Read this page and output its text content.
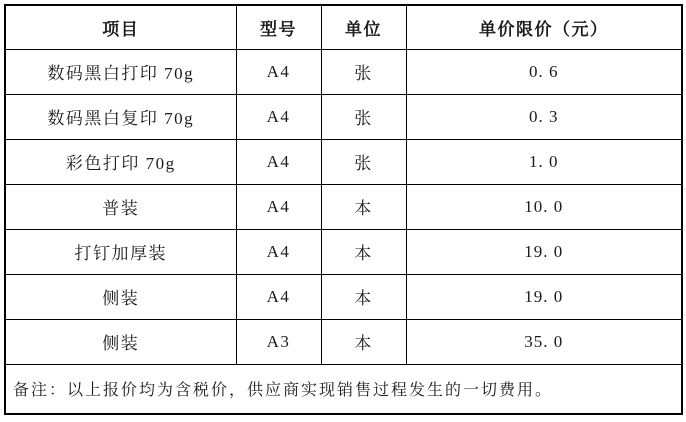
项目	型号	单位	单价限价（元）
数码黑白打印 70g	A4	张	0. 6
数码黑白复印 70g	A4	张	0. 3
彩色打印 70g	A4	张	1. 0
普装	A4	本	10. 0
打钉加厚装	A4	本	19. 0
侧装	A4	本	19. 0
侧装	A3	本	35. 0
备注：以上报价均为含税价，供应商实现销售过程发生的一切费用。			
